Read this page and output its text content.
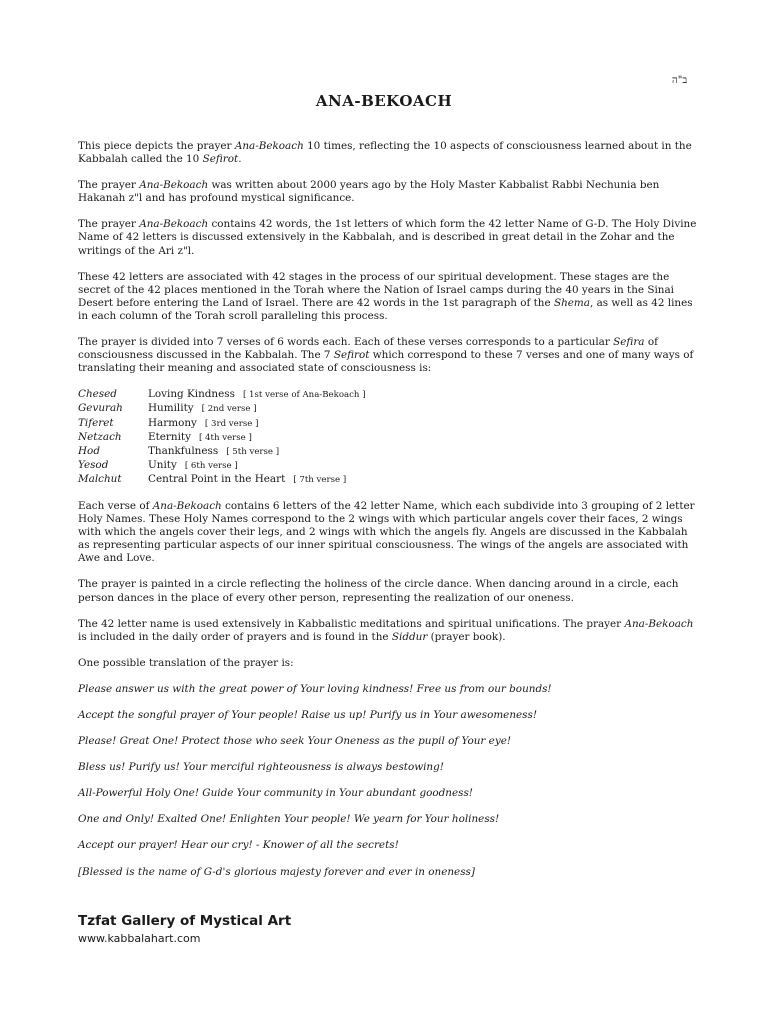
ב"ה
ANA-BEKOACH

This piece depicts the prayer Ana-Bekoach 10 times, reflecting the 10 aspects of consciousness learned about in the Kabbalah called the 10 Sefirot.

The prayer Ana-Bekoach was written about 2000 years ago by the Holy Master Kabbalist Rabbi Nechunia ben Hakanah z"l and has profound mystical significance.

The prayer Ana-Bekoach contains 42 words, the 1st letters of which form the 42 letter Name of G-D. The Holy Divine Name of 42 letters is discussed extensively in the Kabbalah, and is described in great detail in the Zohar and the writings of the Ari z"l.

These 42 letters are associated with 42 stages in the process of our spiritual development. These stages are the secret of the 42 places mentioned in the Torah where the Nation of Israel camps during the 40 years in the Sinai Desert before entering the Land of Israel. There are 42 words in the 1st paragraph of the Shema, as well as 42 lines in each column of the Torah scroll paralleling this process.

The prayer is divided into 7 verses of 6 words each. Each of these verses corresponds to a particular Sefira of consciousness discussed in the Kabbalah. The 7 Sefirot which correspond to these 7 verses and one of many ways of translating their meaning and associated state of consciousness is:

Chesed	Loving Kindness [ 1st verse of Ana-Bekoach ]
Gevurah	Humility [ 2nd verse ]
Tiferet	Harmony [ 3rd verse ]
Netzach	Eternity [ 4th verse ]
Hod	Thankfulness [ 5th verse ]
Yesod	Unity [ 6th verse ]
Malchut	Central Point in the Heart [ 7th verse ]

Each verse of Ana-Bekoach contains 6 letters of the 42 letter Name, which each subdivide into 3 grouping of 2 letter Holy Names. These Holy Names correspond to the 2 wings with which particular angels cover their faces, 2 wings with which the angels cover their legs, and 2 wings with which the angels fly. Angels are discussed in the Kabbalah as representing particular aspects of our inner spiritual consciousness. The wings of the angels are associated with Awe and Love.

The prayer is painted in a circle reflecting the holiness of the circle dance. When dancing around in a circle, each person dances in the place of every other person, representing the realization of our oneness.

The 42 letter name is used extensively in Kabbalistic meditations and spiritual unifications. The prayer Ana-Bekoach is included in the daily order of prayers and is found in the Siddur (prayer book).

One possible translation of the prayer is:

Please answer us with the great power of Your loving kindness! Free us from our bounds!

Accept the songful prayer of Your people! Raise us up! Purify us in Your awesomeness!

Please! Great One! Protect those who seek Your Oneness as the pupil of Your eye!

Bless us! Purify us! Your merciful righteousness is always bestowing!

All-Powerful Holy One! Guide Your community in Your abundant goodness!

One and Only! Exalted One! Enlighten Your people! We yearn for Your holiness!

Accept our prayer! Hear our cry! - Knower of all the secrets!

[Blessed is the name of G-d's glorious majesty forever and ever in oneness]

Tzfat Gallery of Mystical Art
www.kabbalahart.com
